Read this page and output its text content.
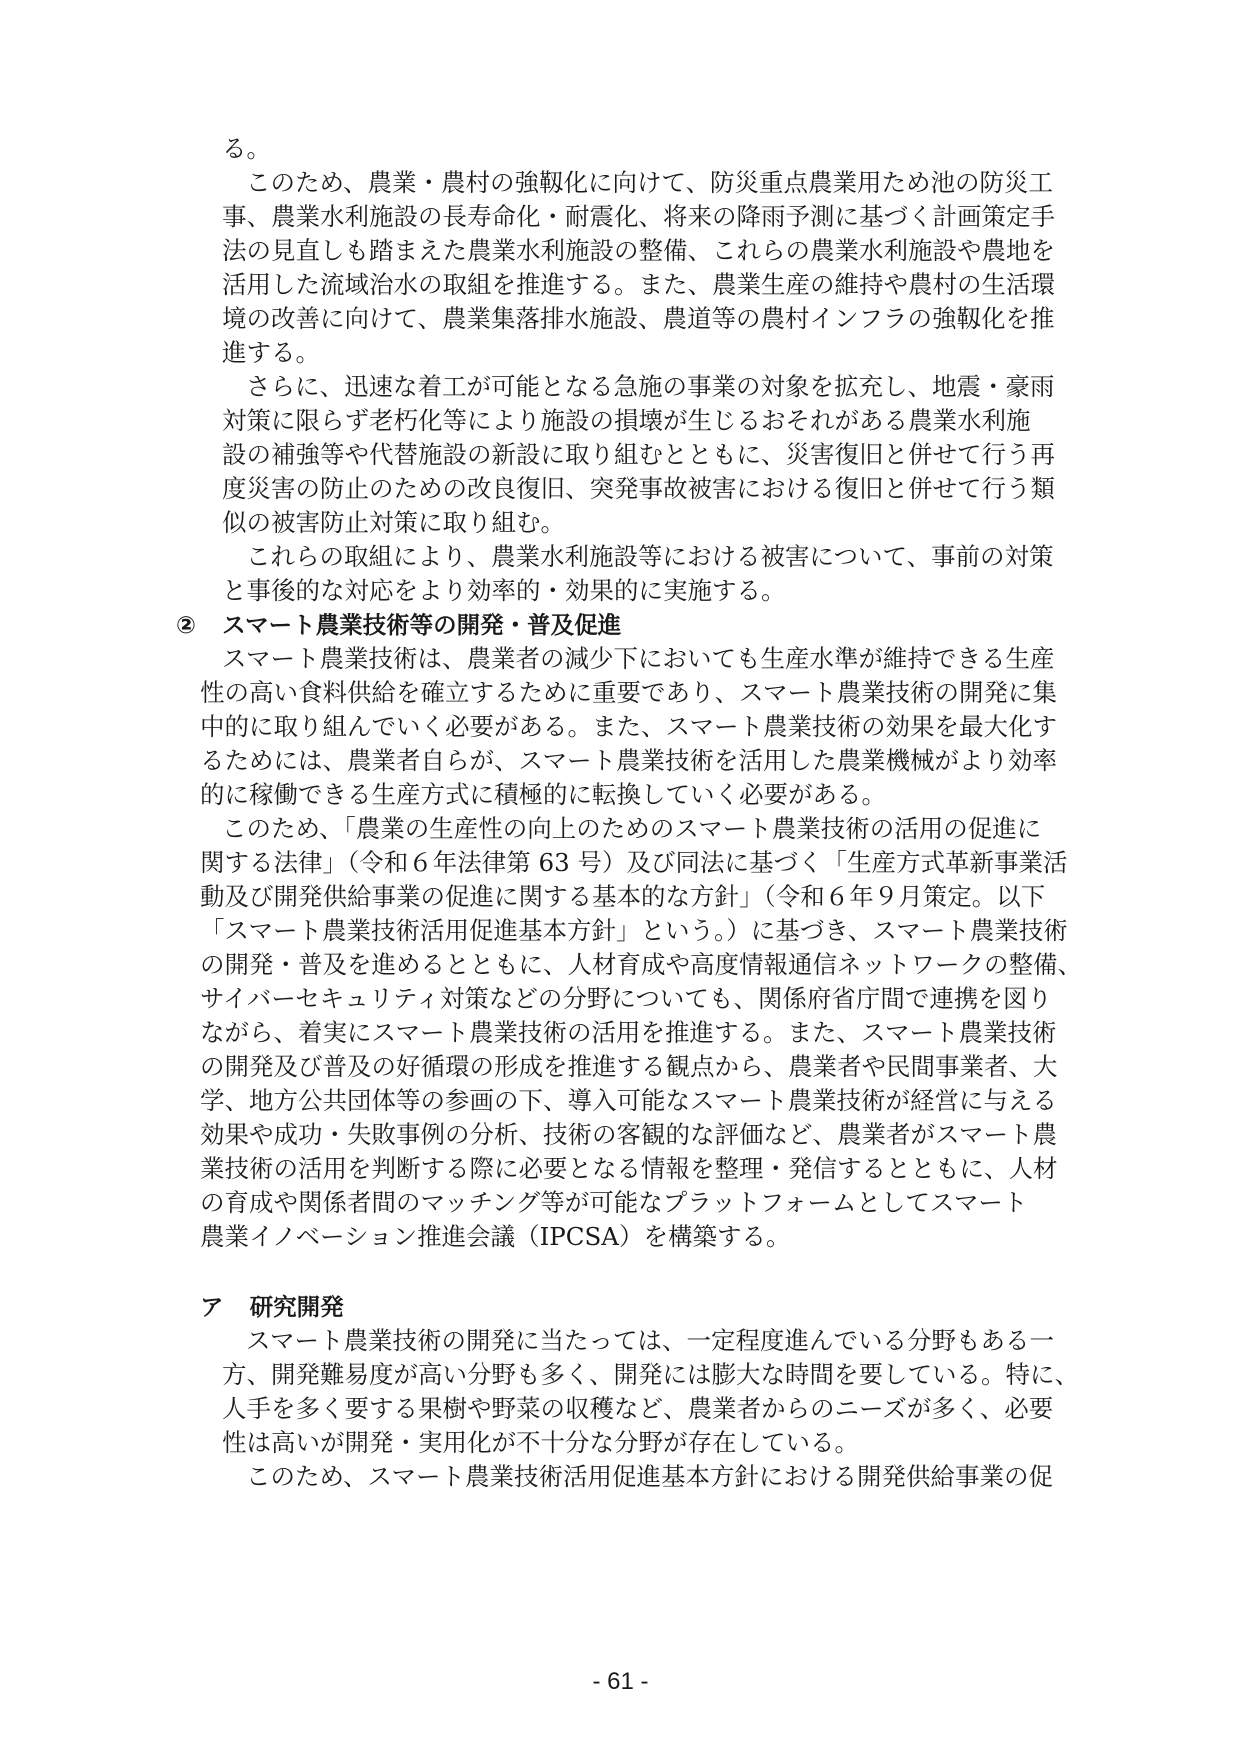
る。
このため、農業・農村の強靱化に向けて、防災重点農業用ため池の防災工
事、農業水利施設の長寿命化・耐震化、将来の降雨予測に基づく計画策定手
法の見直しも踏まえた農業水利施設の整備、これらの農業水利施設や農地を
活用した流域治水の取組を推進する。また、農業生産の維持や農村の生活環
境の改善に向けて、農業集落排水施設、農道等の農村インフラの強靱化を推
進する。
さらに、迅速な着工が可能となる急施の事業の対象を拡充し、地震・豪雨
対策に限らず老朽化等により施設の損壊が生じるおそれがある農業水利施
設の補強等や代替施設の新設に取り組むとともに、災害復旧と併せて行う再
度災害の防止のための改良復旧、突発事故被害における復旧と併せて行う類
似の被害防止対策に取り組む。
これらの取組により、農業水利施設等における被害について、事前の対策
と事後的な対応をより効率的・効果的に実施する。
② スマート農業技術等の開発・普及促進
スマート農業技術は、農業者の減少下においても生産水準が維持できる生産
性の高い食料供給を確立するために重要であり、スマート農業技術の開発に集
中的に取り組んでいく必要がある。また、スマート農業技術の効果を最大化す
るためには、農業者自らが、スマート農業技術を活用した農業機械がより効率
的に稼働できる生産方式に積極的に転換していく必要がある。
このため、「農業の生産性の向上のためのスマート農業技術の活用の促進に
関する法律」（令和６年法律第 63 号）及び同法に基づく「生産方式革新事業活
動及び開発供給事業の促進に関する基本的な方針」（令和６年９月策定。以下
「スマート農業技術活用促進基本方針」という。）に基づき、スマート農業技術
の開発・普及を進めるとともに、人材育成や高度情報通信ネットワークの整備、
サイバーセキュリティ対策などの分野についても、関係府省庁間で連携を図り
ながら、着実にスマート農業技術の活用を推進する。また、スマート農業技術
の開発及び普及の好循環の形成を推進する観点から、農業者や民間事業者、大
学、地方公共団体等の参画の下、導入可能なスマート農業技術が経営に与える
効果や成功・失敗事例の分析、技術の客観的な評価など、農業者がスマート農
業技術の活用を判断する際に必要となる情報を整理・発信するとともに、人材
の育成や関係者間のマッチング等が可能なプラットフォームとしてスマート
農業イノベーション推進会議（IPCSA）を構築する。
ア 研究開発
スマート農業技術の開発に当たっては、一定程度進んでいる分野もある一
方、開発難易度が高い分野も多く、開発には膨大な時間を要している。特に、
人手を多く要する果樹や野菜の収穫など、農業者からのニーズが多く、必要
性は高いが開発・実用化が不十分な分野が存在している。
このため、スマート農業技術活用促進基本方針における開発供給事業の促
- 61 -
